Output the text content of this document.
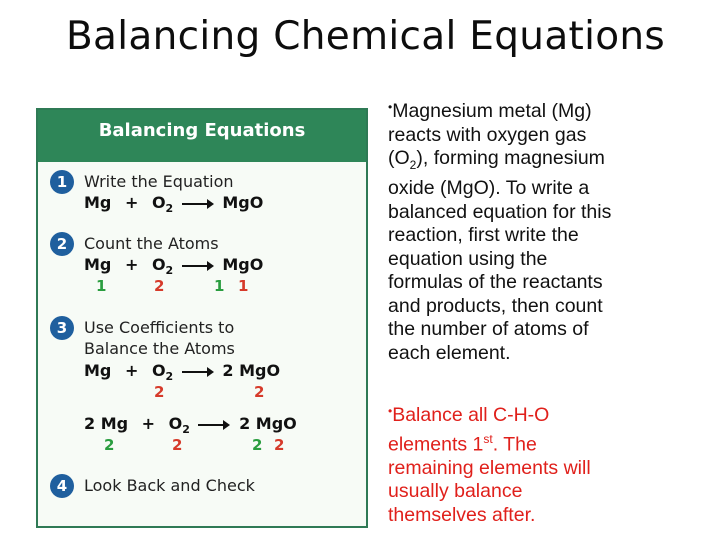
Balancing Chemical Equations
Balancing Equations
1	Write the Equation
$Mg + O_2$ → MgO
2	Count the Atoms
$Mg + O_2$ → MgO
1	2	1 1
3	Use Coefficients to
Balance the Atoms
$Mg + O_2 \to 2$ MgO
2	2
2 $Mg + O_2 \to 2$ MgO
2	2	2 2
4	Look Back and Check
•Magnesium metal (Mg)
reacts with oxygen gas
$(O_2)$, forming magnesium
oxide (MgO). To write a
balanced equation for this
reaction, first write the
equation using the
formulas of the reactants
and products, then count
the number of atoms of
each element.
•Balance all C-H-O
elements 1st. The
remaining elements will
usually balance
themselves after.
